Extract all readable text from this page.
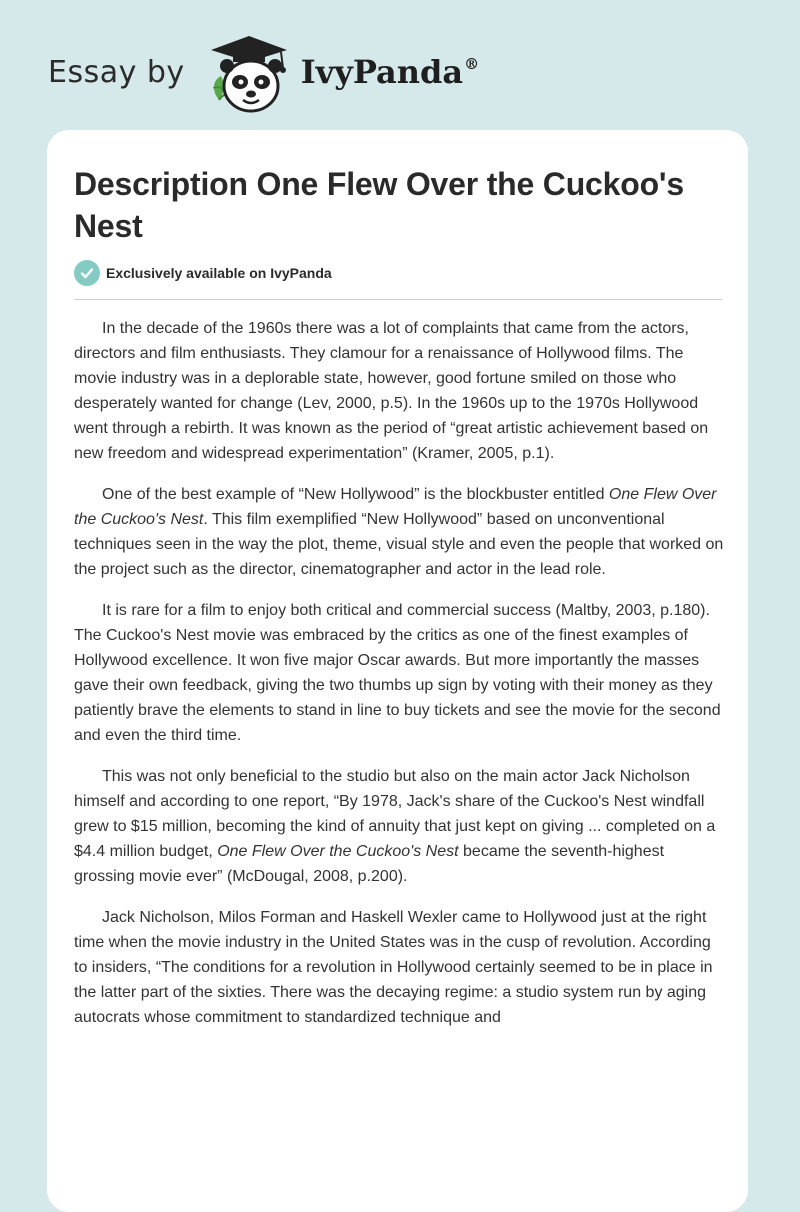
Essay by	IvyPanda®
Description One Flew Over the Cuckoo's Nest
Exclusively available on IvyPanda

In the decade of the 1960s there was a lot of complaints that came from the actors, directors and film enthusiasts. They clamour for a renaissance of Hollywood films. The movie industry was in a deplorable state, however, good fortune smiled on those who desperately wanted for change (Lev, 2000, p.5). In the 1960s up to the 1970s Hollywood went through a rebirth. It was known as the period of “great artistic achievement based on new freedom and widespread experimentation” (Kramer, 2005, p.1).

One of the best example of “New Hollywood” is the blockbuster entitled One Flew Over the Cuckoo's Nest. This film exemplified “New Hollywood” based on unconventional techniques seen in the way the plot, theme, visual style and even the people that worked on the project such as the director, cinematographer and actor in the lead role.

It is rare for a film to enjoy both critical and commercial success (Maltby, 2003, p.180). The Cuckoo's Nest movie was embraced by the critics as one of the finest examples of Hollywood excellence. It won five major Oscar awards. But more importantly the masses gave their own feedback, giving the two thumbs up sign by voting with their money as they patiently brave the elements to stand in line to buy tickets and see the movie for the second and even the third time.

This was not only beneficial to the studio but also on the main actor Jack Nicholson himself and according to one report, “By 1978, Jack's share of the Cuckoo's Nest windfall grew to $15 million, becoming the kind of annuity that just kept on giving ... completed on a $4.4 million budget, One Flew Over the Cuckoo's Nest became the seventh-highest grossing movie ever” (McDougal, 2008, p.200).

Jack Nicholson, Milos Forman and Haskell Wexler came to Hollywood just at the right time when the movie industry in the United States was in the cusp of revolution. According to insiders, “The conditions for a revolution in Hollywood certainly seemed to be in place in the latter part of the sixties. There was the decaying regime: a studio system run by aging autocrats whose commitment to standardized technique and
